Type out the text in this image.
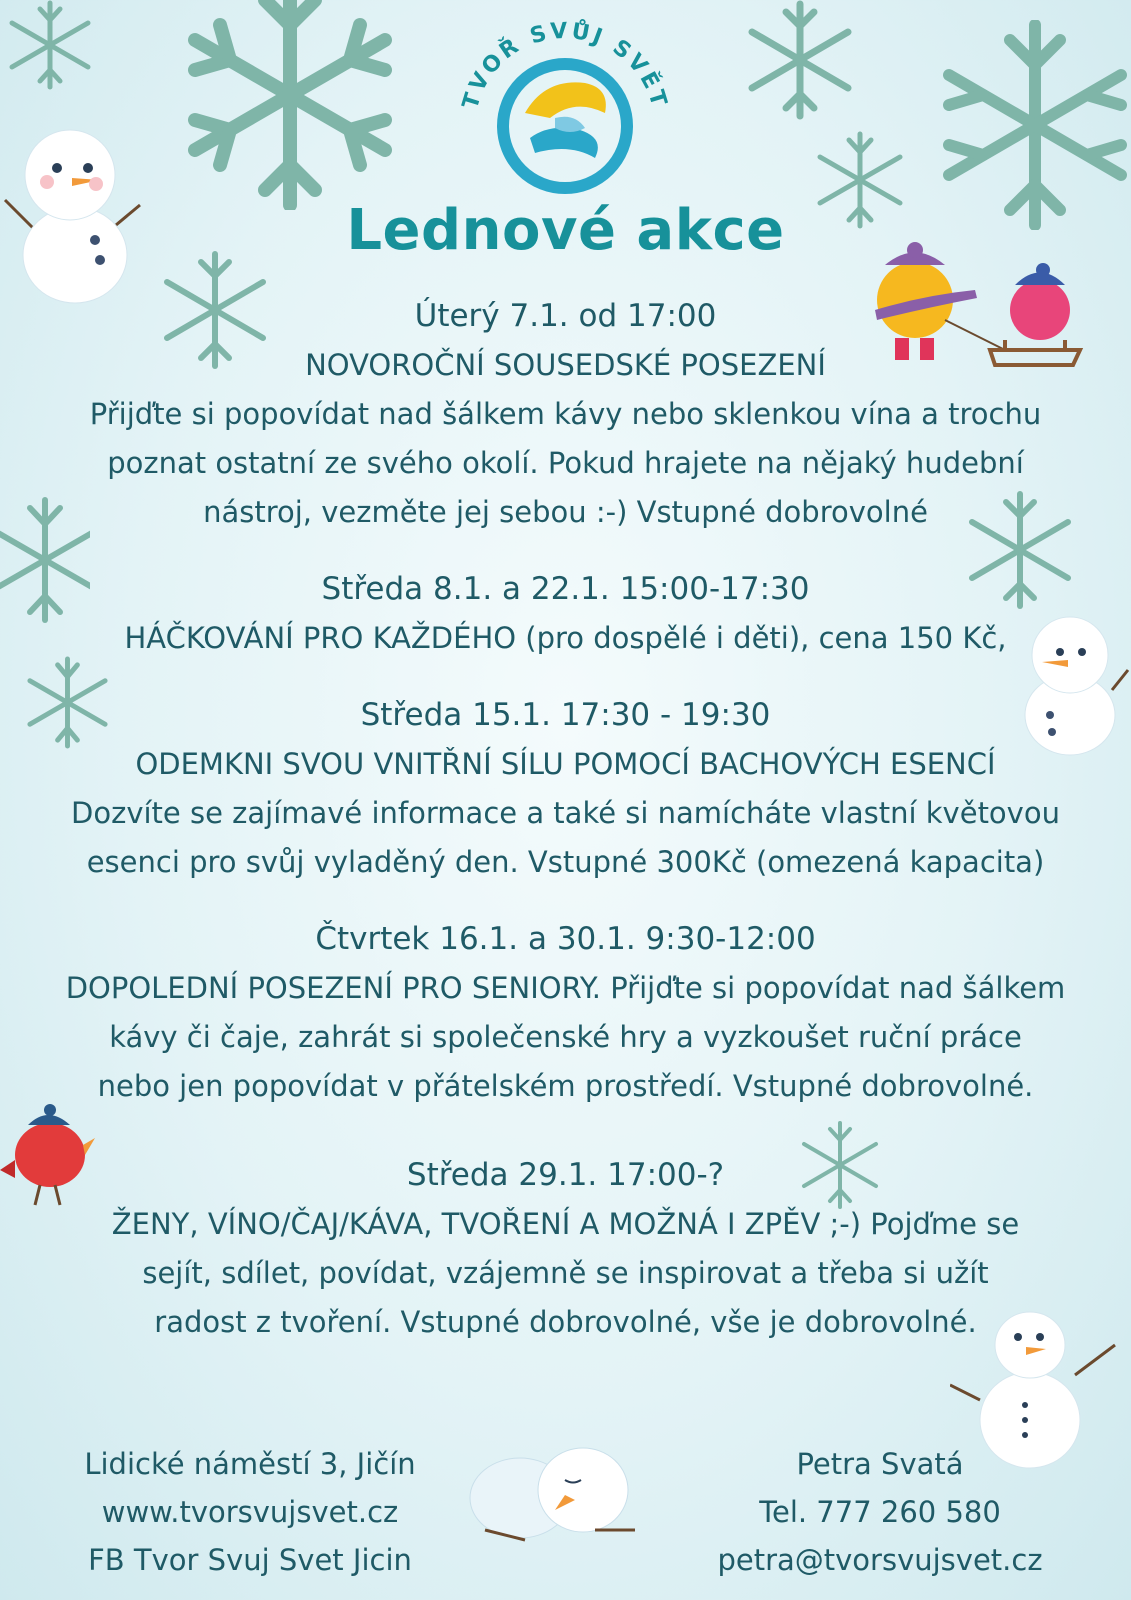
TVOŘ SVŮJ SVĚT
Lednové akce
Úterý 7.1. od 17:00
NOVOROČNÍ SOUSEDSKÉ POSEZENÍ
Přijďte si popovídat nad šálkem kávy nebo sklenkou vína a trochu
poznat ostatní ze svého okolí. Pokud hrajete na nějaký hudební
nástroj, vezměte jej sebou :-) Vstupné dobrovolné
Středa 8.1. a 22.1. 15:00-17:30
HÁČKOVÁNÍ PRO KAŽDÉHO (pro dospělé i děti), cena 150 Kč,
Středa 15.1. 17:30 - 19:30
ODEMKNI SVOU VNITŘNÍ SÍLU POMOCÍ BACHOVÝCH ESENCÍ
Dozvíte se zajímavé informace a také si namícháte vlastní květovou
esenci pro svůj vyladěný den. Vstupné 300Kč (omezená kapacita)
Čtvrtek 16.1. a 30.1. 9:30-12:00
DOPOLEDNÍ POSEZENÍ PRO SENIORY. Přijďte si popovídat nad šálkem
kávy či čaje, zahrát si společenské hry a vyzkoušet ruční práce
nebo jen popovídat v přátelském prostředí. Vstupné dobrovolné.
Středa 29.1. 17:00-?
ŽENY, VÍNO/ČAJ/KÁVA, TVOŘENÍ A MOŽNÁ I ZPĚV ;-) Pojďme se
sejít, sdílet, povídat, vzájemně se inspirovat a třeba si užít
radost z tvoření. Vstupné dobrovolné, vše je dobrovolné.
Lidické náměstí 3, Jičín
www.tvorsvujsvet.cz
FB Tvor Svuj Svet Jicin
Petra Svatá
Tel. 777 260 580
petra@tvorsvujsvet.cz
